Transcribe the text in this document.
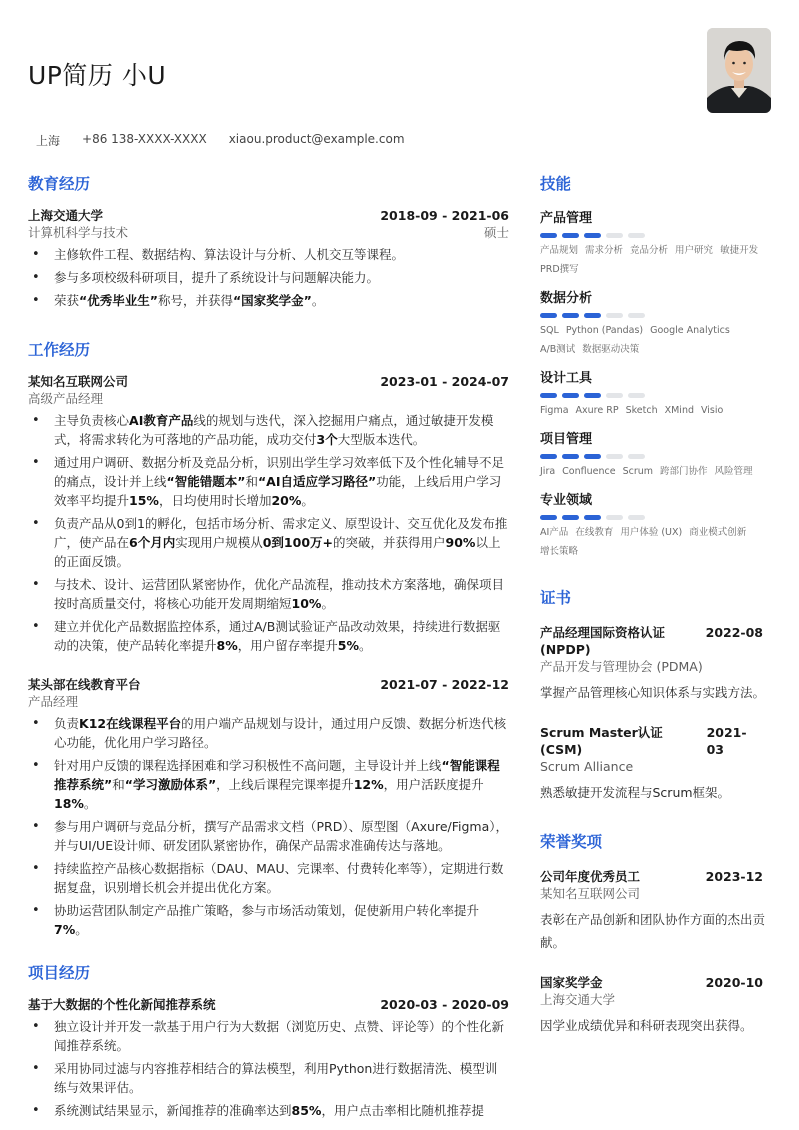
UP简历 小U
上海 +86 138-XXXX-XXXX xiaou.product@example.com
教育经历
上海交通大学	2018-09 - 2021-06
计算机科学与技术	硕士
• 主修软件工程、数据结构、算法设计与分析、人机交互等课程。
• 参与多项校级科研项目，提升了系统设计与问题解决能力。
• 荣获“优秀毕业生”称号，并获得“国家奖学金”。
工作经历
某知名互联网公司	2023-01 - 2024-07
高级产品经理
• 主导负责核心AI教育产品线的规划与迭代，深入挖掘用户痛点，通过敏捷开发模式，将需求转化为可落地的产品功能，成功交付3个大型版本迭代。
• 通过用户调研、数据分析及竞品分析，识别出学生学习效率低下及个性化辅导不足的痛点，设计并上线“智能错题本”和“AI自适应学习路径”功能，上线后用户学习效率平均提升15%，日均使用时长增加20%。
• 负责产品从0到1的孵化，包括市场分析、需求定义、原型设计、交互优化及发布推广，使产品在6个月内实现用户规模从0到100万+的突破，并获得用户90%以上的正面反馈。
• 与技术、设计、运营团队紧密协作，优化产品流程，推动技术方案落地，确保项目按时高质量交付，将核心功能开发周期缩短10%。
• 建立并优化产品数据监控体系，通过A/B测试验证产品改动效果，持续进行数据驱动的决策，使产品转化率提升8%，用户留存率提升5%。
某头部在线教育平台	2021-07 - 2022-12
产品经理
• 负责K12在线课程平台的用户端产品规划与设计，通过用户反馈、数据分析迭代核心功能，优化用户学习路径。
• 针对用户反馈的课程选择困难和学习积极性不高问题，主导设计并上线“智能课程推荐系统”和“学习激励体系”，上线后课程完课率提升12%，用户活跃度提升18%。
• 参与用户调研与竞品分析，撰写产品需求文档（PRD）、原型图（Axure/Figma），并与UI/UE设计师、研发团队紧密协作，确保产品需求准确传达与落地。
• 持续监控产品核心数据指标（DAU、MAU、完课率、付费转化率等），定期进行数据复盘，识别增长机会并提出优化方案。
• 协助运营团队制定产品推广策略，参与市场活动策划，促使新用户转化率提升7%。
项目经历
基于大数据的个性化新闻推荐系统	2020-03 - 2020-09
• 独立设计并开发一款基于用户行为大数据（浏览历史、点赞、评论等）的个性化新闻推荐系统。
• 采用协同过滤与内容推荐相结合的算法模型，利用Python进行数据清洗、模型训练与效果评估。
• 系统测试结果显示，新闻推荐的准确率达到85%，用户点击率相比随机推荐提
技能
产品管理
产品规划 需求分析 竞品分析 用户研究 敏捷开发
PRD撰写
数据分析
SQL Python (Pandas) Google Analytics
A/B测试 数据驱动决策
设计工具
Figma Axure RP Sketch XMind Visio
项目管理
Jira Confluence Scrum 跨部门协作 风险管理
专业领域
AI产品 在线教育 用户体验 (UX) 商业模式创新
增长策略
证书
产品经理国际资格认证 (NPDP)
2022-08
产品开发与管理协会 (PDMA)
掌握产品管理核心知识体系与实践方法。
Scrum Master认证 (CSM)
2021-03
Scrum Alliance
熟悉敏捷开发流程与Scrum框架。
荣誉奖项
公司年度优秀员工	2023-12
某知名互联网公司
表彰在产品创新和团队协作方面的杰出贡献。
国家奖学金	2020-10
上海交通大学
因学业成绩优异和科研表现突出获得。
